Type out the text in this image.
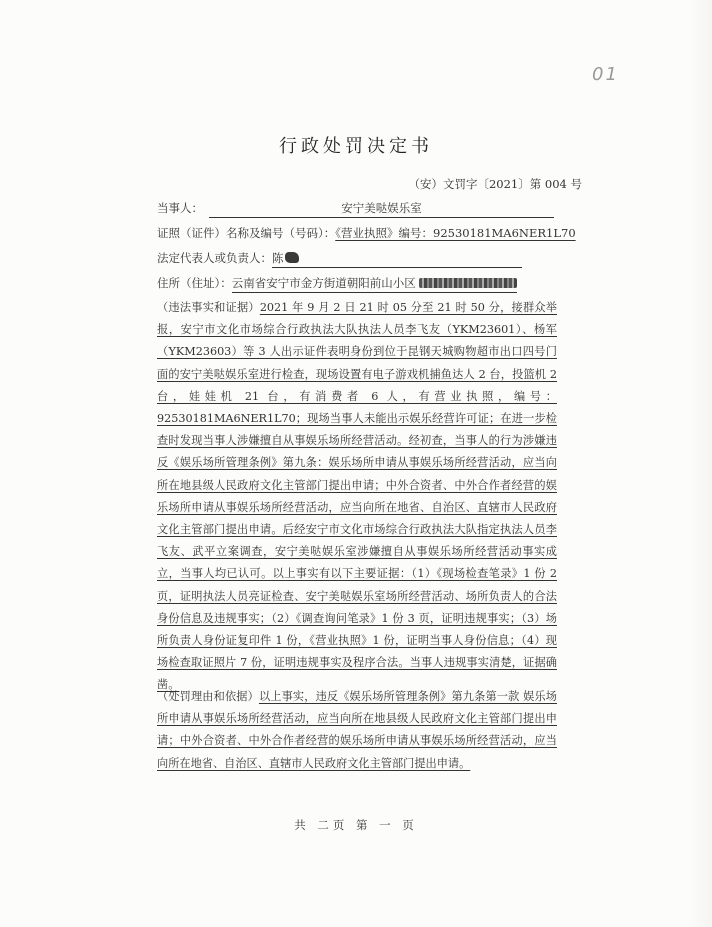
01
行政处罚决定书
（安）文罚字〔2021〕第 004 号
当事人：	安宁美哒娱乐室
证照（证件）名称及编号（号码）：《营业执照》编号：92530181MA6NER1L70
法定代表人或负责人：陈
住所（住址）：云南省安宁市金方街道朝阳前山小区
（违法事实和证据）2021 年 9 月 2 日 21 时 05 分至 21 时 50 分，接群众举报，安宁市文化市场综合行政执法大队执法人员李飞友（YKM23601）、杨军（YKM23603）等 3 人出示证件表明身份到位于昆钢天城购物超市出口四号门面的安宁美哒娱乐室进行检查，现场设置有电子游戏机捕鱼达人 2 台，投篮机 2 台，娃娃机 21 台，有消费者 6 人，有营业执照，编号：92530181MA6NER1L70；现场当事人未能出示娱乐经营许可证；在进一步检查时发现当事人涉嫌擅自从事娱乐场所经营活动。经初查，当事人的行为涉嫌违反《娱乐场所管理条例》第九条：娱乐场所申请从事娱乐场所经营活动，应当向所在地县级人民政府文化主管部门提出申请；中外合资者、中外合作者经营的娱乐场所申请从事娱乐场所经营活动，应当向所在地省、自治区、直辖市人民政府文化主管部门提出申请。后经安宁市文化市场综合行政执法大队指定执法人员李飞友、武平立案调查，安宁美哒娱乐室涉嫌擅自从事娱乐场所经营活动事实成立，当事人均已认可。以上事实有以下主要证据：（1）《现场检查笔录》1 份 2 页，证明执法人员亮证检查、安宁美哒娱乐室场所经营活动、场所负责人的合法身份信息及违规事实；（2）《调查询问笔录》1 份 3 页，证明违规事实；（3）场所负责人身份证复印件 1 份，《营业执照》1 份，证明当事人身份信息；（4）现场检查取证照片 7 份，证明违规事实及程序合法。当事人违规事实清楚，证据确凿。
（处罚理由和依据）以上事实，违反《娱乐场所管理条例》第九条第一款 娱乐场所申请从事娱乐场所经营活动，应当向所在地县级人民政府文化主管部门提出申请；中外合资者、中外合作者经营的娱乐场所申请从事娱乐场所经营活动，应当向所在地省、自治区、直辖市人民政府文化主管部门提出申请。
共 二页 第 一 页
